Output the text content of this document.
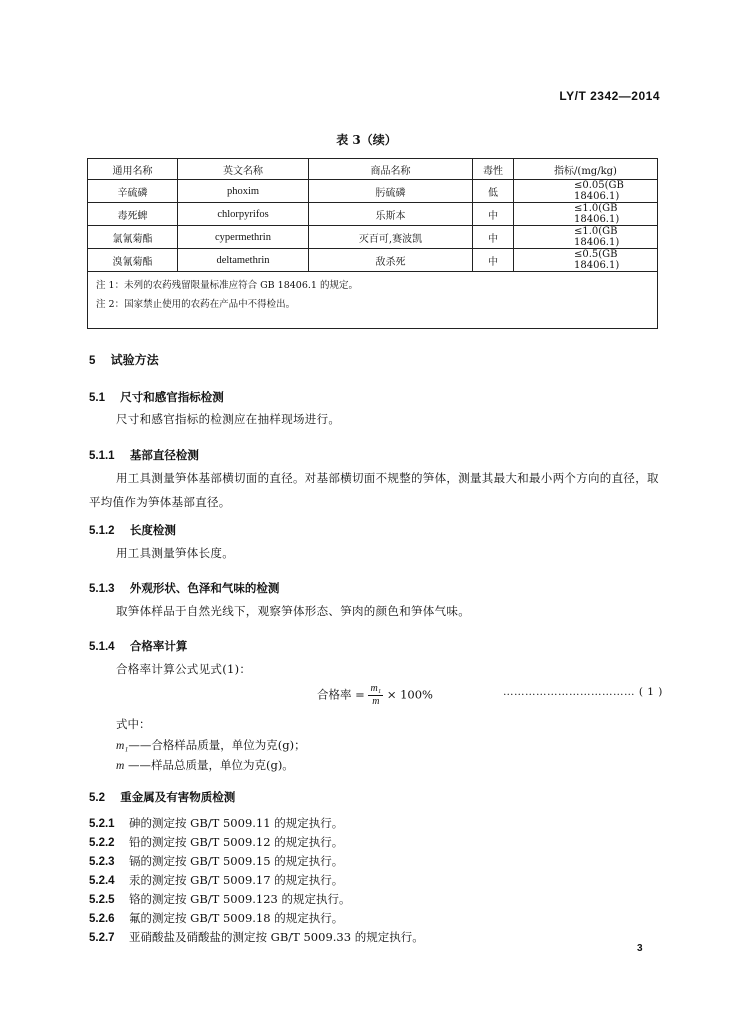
LY/T 2342—2014
表 3（续）
通用名称	英文名称	商品名称	毒性	指标/(mg/kg)
辛硫磷	phoxim	肟硫磷	低	≤0.05(GB 18406.1)
毒死蜱	chlorpyrifos	乐斯本	中	≤1.0(GB 18406.1)
氯氰菊酯	cypermethrin	灭百可,赛波凯	中	≤1.0(GB 18406.1)
溴氰菊酯	deltamethrin	敌杀死	中	≤0.5(GB 18406.1)

注 1：未列的农药残留限量标准应符合 GB 18406.1 的规定。
注 2：国家禁止使用的农药在产品中不得检出。				
5 试验方法
5.1 尺寸和感官指标检测
尺寸和感官指标的检测应在抽样现场进行。
5.1.1 基部直径检测
用工具测量笋体基部横切面的直径。对基部横切面不规整的笋体，测量其最大和最小两个方向的直径，取平均值作为笋体基部直径。
5.1.2 长度检测
用工具测量笋体长度。
5.1.3 外观形状、色泽和气味的检测
取笋体样品于自然光线下，观察笋体形态、笋肉的颜色和笋体气味。
5.1.4 合格率计算
合格率计算公式见式(1)：
合格率 = $\frac{\text{m₁}}{m} \times 100\%$	……………………………… ( 1 )
式中：
m₁——合格样品质量，单位为克(g)；
m ——样品总质量，单位为克(g)。
5.2 重金属及有害物质检测
5.2.1 砷的测定按 GB/T 5009.11 的规定执行。
5.2.2 铅的测定按 GB/T 5009.12 的规定执行。
5.2.3 镉的测定按 GB/T 5009.15 的规定执行。
5.2.4 汞的测定按 GB/T 5009.17 的规定执行。
5.2.5 铬的测定按 GB/T 5009.123 的规定执行。
5.2.6 氟的测定按 GB/T 5009.18 的规定执行。
5.2.7 亚硝酸盐及硝酸盐的测定按 GB/T 5009.33 的规定执行。
3
